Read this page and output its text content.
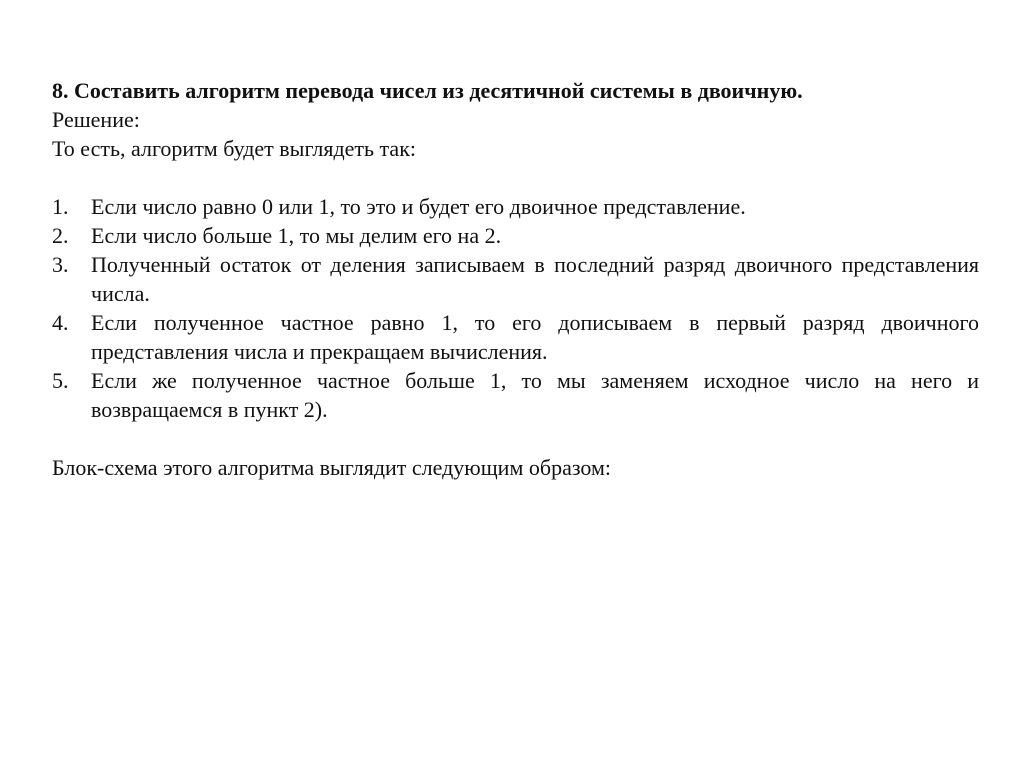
8. Составить алгоритм перевода чисел из десятичной системы в двоичную.

Решение:

То есть, алгоритм будет выглядеть так:

1. Если число равно 0 или 1, то это и будет его двоичное представление.
2. Если число больше 1, то мы делим его на 2.
3. Полученный остаток от деления записываем в последний разряд двоичного представления числа.
4. Если полученное частное равно 1, то его дописываем в первый разряд двоичного представления числа и прекращаем вычисления.
5. Если же полученное частное больше 1, то мы заменяем исходное число на него и возвращаемся в пункт 2).

Блок-схема этого алгоритма выглядит следующим образом:
